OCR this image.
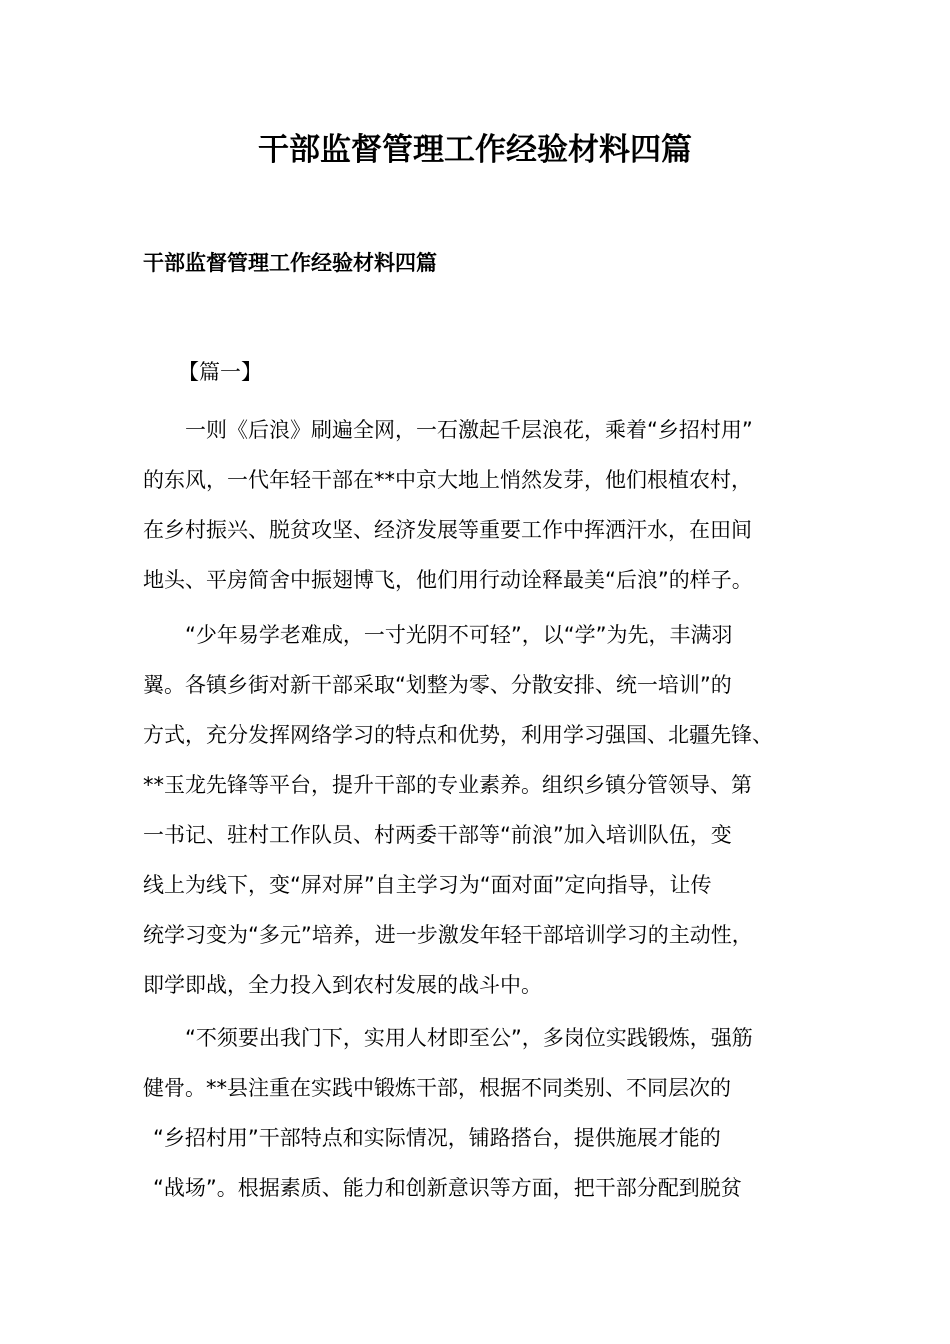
干部监督管理工作经验材料四篇
干部监督管理工作经验材料四篇
【篇一】
一则《后浪》刷遍全网，一石激起千层浪花，乘着“乡招村用”
的东风，一代年轻干部在**中京大地上悄然发芽，他们根植农村，
在乡村振兴、脱贫攻坚、经济发展等重要工作中挥洒汗水，在田间
地头、平房简舍中振翅博飞，他们用行动诠释最美“后浪”的样子。
“少年易学老难成，一寸光阴不可轻”，以“学”为先，丰满羽
翼。各镇乡街对新干部采取“划整为零、分散安排、统一培训”的
方式，充分发挥网络学习的特点和优势，利用学习强国、北疆先锋、
**玉龙先锋等平台，提升干部的专业素养。组织乡镇分管领导、第
一书记、驻村工作队员、村两委干部等“前浪”加入培训队伍，变
线上为线下，变“屏对屏”自主学习为“面对面”定向指导，让传
统学习变为“多元”培养，进一步激发年轻干部培训学习的主动性，
即学即战，全力投入到农村发展的战斗中。
“不须要出我门下，实用人材即至公”，多岗位实践锻炼，强筋
健骨。**县注重在实践中锻炼干部，根据不同类别、不同层次的
“乡招村用”干部特点和实际情况，铺路搭台，提供施展才能的
“战场”。根据素质、能力和创新意识等方面，把干部分配到脱贫
